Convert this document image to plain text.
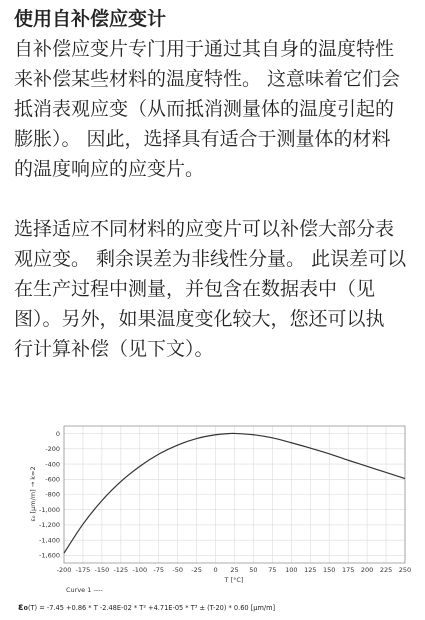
使用自补偿应变计
自补偿应变片专门用于通过其自身的温度特性
来补偿某些材料的温度特性。 这意味着它们会
抵消表观应变（从而抵消测量体的温度引起的
膨胀）。 因此，选择具有适合于测量体的材料
的温度响应的应变片。
选择适应不同材料的应变片可以补偿大部分表
观应变。 剩余误差为非线性分量。 此误差可以
在生产过程中测量，并包含在数据表中（见
图）。另外，如果温度变化较大，您还可以执
行计算补偿（见下文）。
0
-200
-400
-600
-800
-1,000
-1,200
-1,400
-1,600
-200 -175 -150 -125 -100 -75 -50 -25 0 25 50 75 100 125 150 175 200 225 250
ε₀ [µm/m] → k=2
T [°C]
Curve 1 ----
ε₀(T) = -7.45 +0.86 * T -2.48E-02 * T² +4.71E-05 * T³ ± (T-20) * 0.60 [µm/m]
